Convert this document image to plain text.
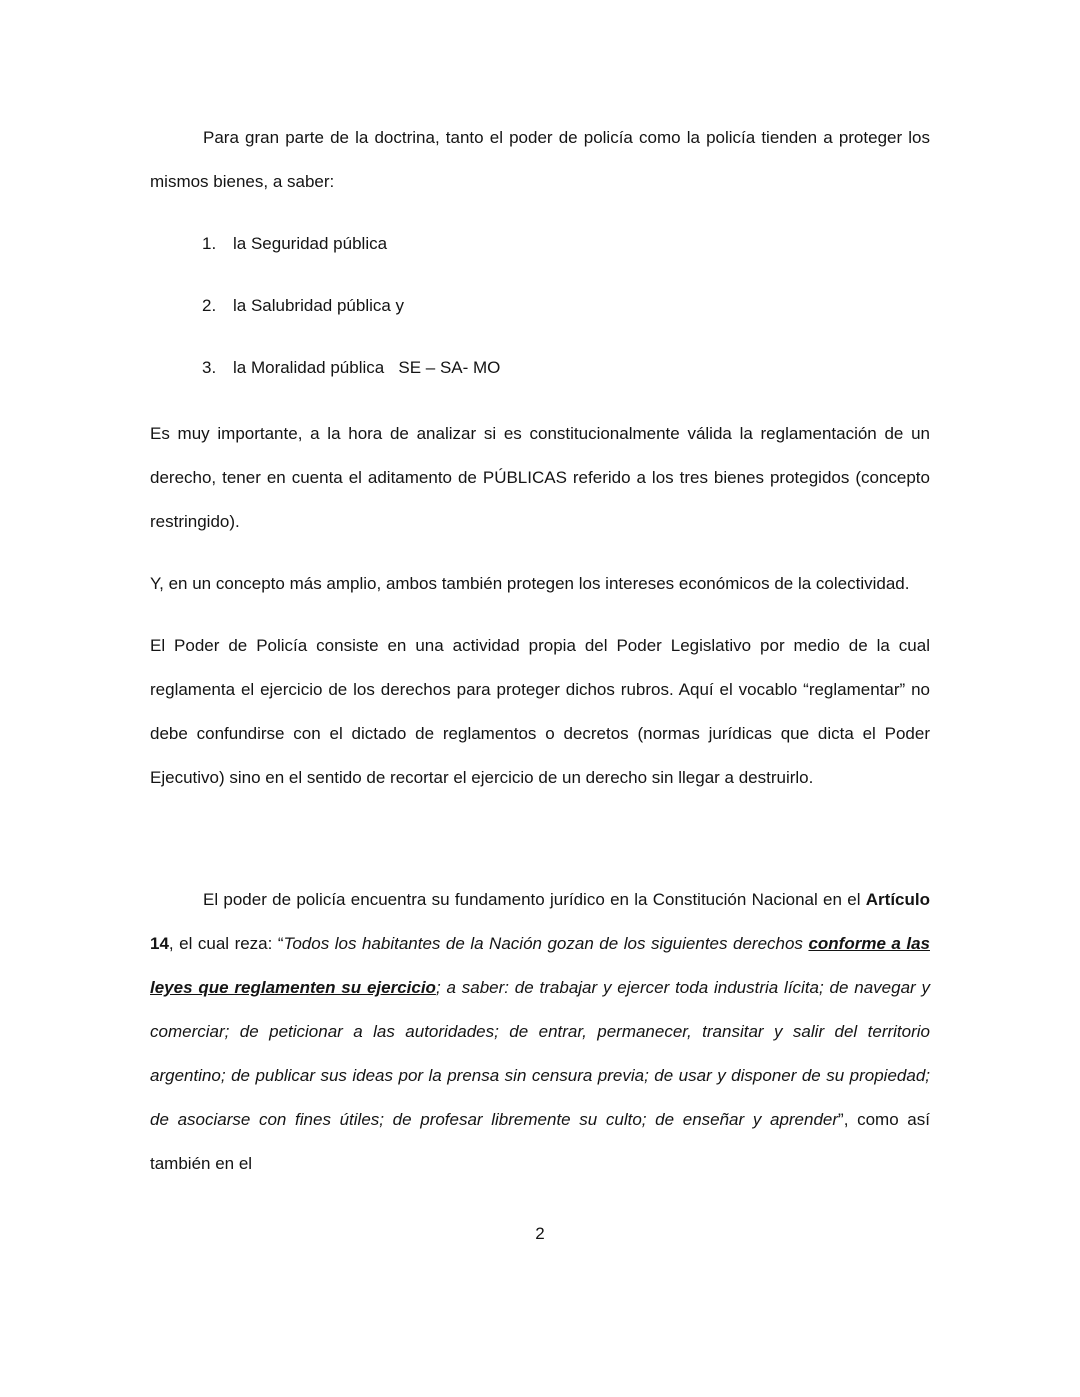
Para gran parte de la doctrina, tanto el poder de policía como la policía tienden a proteger los mismos bienes, a saber:

1. la Seguridad pública
2. la Salubridad pública y
3. la Moralidad pública   SE – SA- MO

Es muy importante, a la hora de analizar si es constitucionalmente válida la reglamentación de un derecho, tener en cuenta el aditamento de PÚBLICAS referido a los tres bienes protegidos (concepto restringido).

Y, en un concepto más amplio, ambos también protegen los intereses económicos de la colectividad.

El Poder de Policía consiste en una actividad propia del Poder Legislativo por medio de la cual reglamenta el ejercicio de los derechos para proteger dichos rubros. Aquí el vocablo “reglamentar” no debe confundirse con el dictado de reglamentos o decretos (normas jurídicas que dicta el Poder Ejecutivo) sino en el sentido de recortar el ejercicio de un derecho sin llegar a destruirlo.

El poder de policía encuentra su fundamento jurídico en la Constitución Nacional en el Artículo 14, el cual reza: “Todos los habitantes de la Nación gozan de los siguientes derechos conforme a las leyes que reglamenten su ejercicio; a saber: de trabajar y ejercer toda industria lícita; de navegar y comerciar; de peticionar a las autoridades; de entrar, permanecer, transitar y salir del territorio argentino; de publicar sus ideas por la prensa sin censura previa; de usar y disponer de su propiedad; de asociarse con fines útiles; de profesar libremente su culto; de enseñar y aprender”, como así también en el

2
